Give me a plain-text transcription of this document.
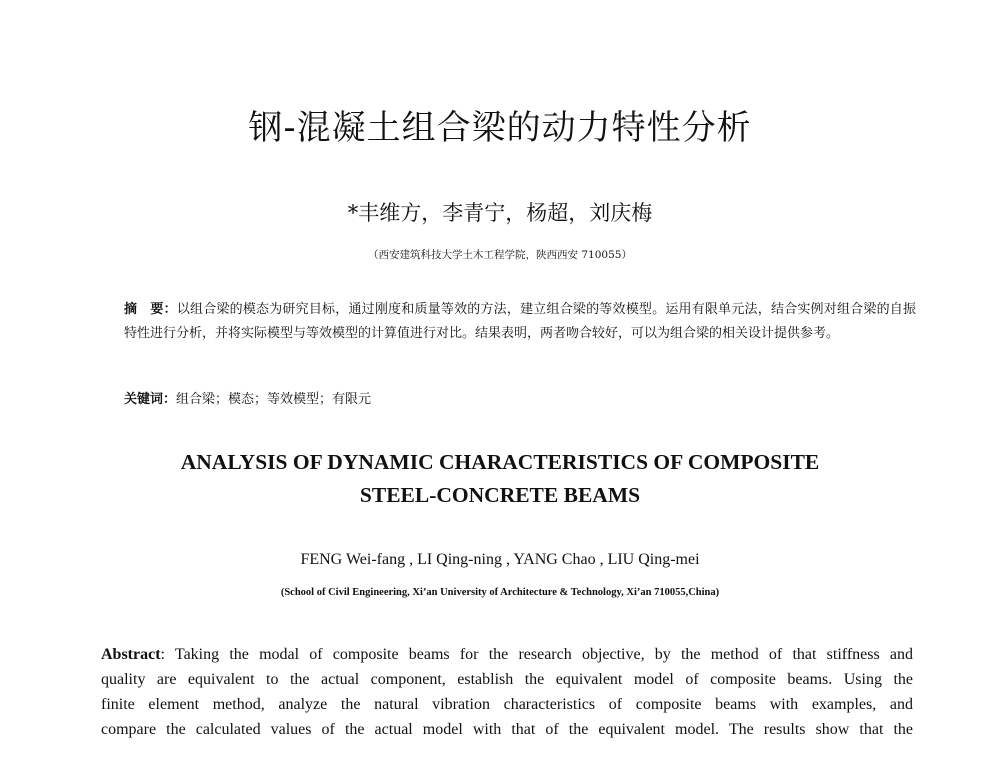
钢-混凝土组合梁的动力特性分析

*丰维方，李青宁，杨超，刘庆梅

（西安建筑科技大学土木工程学院，陕西西安 710055）

摘　要：以组合梁的模态为研究目标，通过刚度和质量等效的方法，建立组合梁的等效模型。运用有限单元法，结合实例对组合梁的自振特性进行分析，并将实际模型与等效模型的计算值进行对比。结果表明，两者吻合较好，可以为组合梁的相关设计提供参考。

关键词：组合梁；模态；等效模型；有限元

ANALYSIS OF DYNAMIC CHARACTERISTICS OF COMPOSITE
STEEL-CONCRETE BEAMS

FENG Wei-fang , LI Qing-ning , YANG Chao , LIU Qing-mei

(School of Civil Engineering, Xi’an University of Architecture & Technology, Xi’an 710055,China)

Abstract: Taking the modal of composite beams for the research objective, by the method of that stiffness and
quality are equivalent to the actual component, establish the equivalent model of composite beams. Using the
finite element method, analyze the natural vibration characteristics of composite beams with examples, and
compare the calculated values of the actual model with that of the equivalent model. The results show that the
